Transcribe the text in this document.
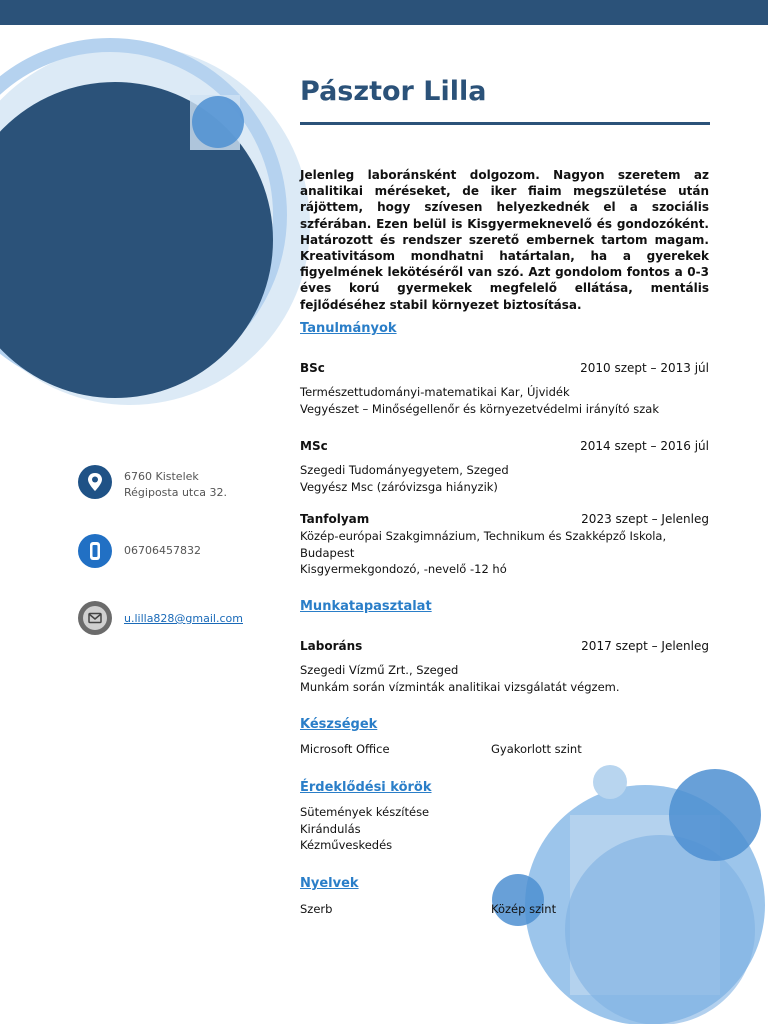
Pásztor Lilla
Jelenleg laboránsként dolgozom. Nagyon szeretem az analitikai méréseket, de iker fiaim megszületése után rájöttem, hogy szívesen helyezkednék el a szociális szférában. Ezen belül is Kisgyermeknevelő és gondozóként. Határozott és rendszer szerető embernek tartom magam. Kreativitásom mondhatni határtalan, ha a gyerekek figyelmének lekötéséről van szó. Azt gondolom fontos a 0-3 éves korú gyermekek megfelelő ellátása, mentális fejlődéséhez stabil környezet biztosítása.
6760 Kistelek
Régiposta utca 32.
06706457832
u.lilla828@gmail.com
Tanulmányok
BSc	2010 szept – 2013 júl
Természettudományi-matematikai Kar, Újvidék
Vegyészet – Minőségellenőr és környezetvédelmi irányító szak
MSc	2014 szept – 2016 júl
Szegedi Tudományegyetem, Szeged
Vegyész Msc (záróvizsga hiányzik)
Tanfolyam	2023 szept – Jelenleg
Közép-európai Szakgimnázium, Technikum és Szakképző Iskola,
Budapest
Kisgyermekgondozó, -nevelő -12 hó
Munkatapasztalat
Laboráns	2017 szept – Jelenleg
Szegedi Vízmű Zrt., Szeged
Munkám során vízminták analitikai vizsgálatát végzem.
Készségek
Microsoft Office	Gyakorlott szint
Érdeklődési körök
Sütemények készítése
Kirándulás
Kézműveskedés
Nyelvek
Szerb	Közép szint
